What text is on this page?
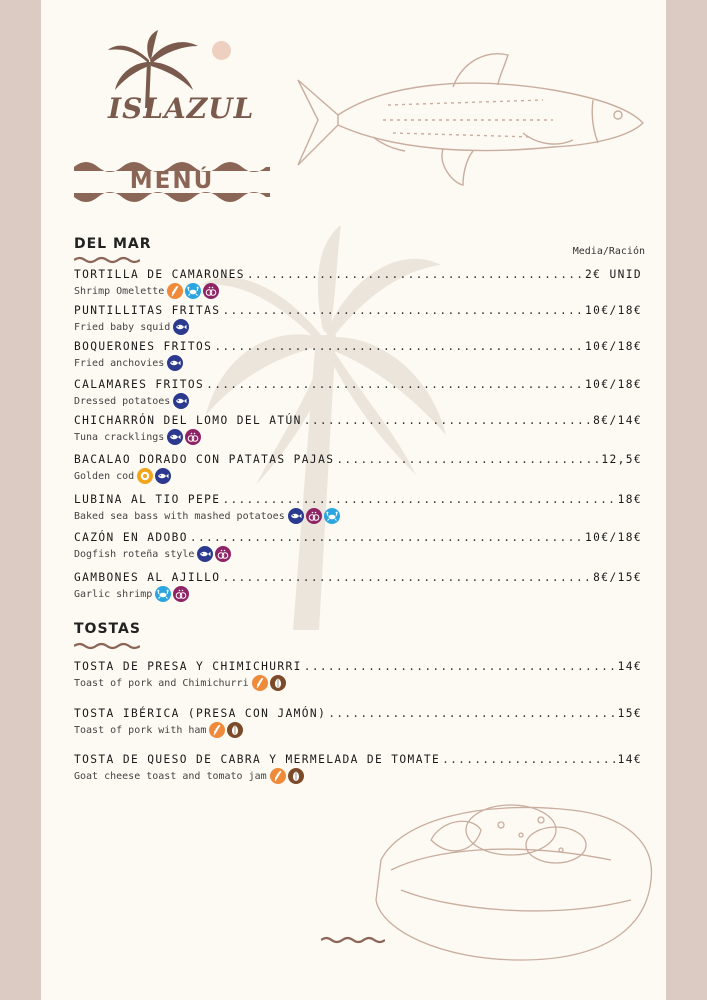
ISLAZUL
MENÚ
DEL MAR	Media/Ración
TORTILLA DE CAMARONES .....	2€ UNID
Shrimp Omelette
PUNTILLITAS FRITAS .....	10€/18€
Fried baby squid
BOQUERONES FRITOS .....	10€/18€
Fried anchovies
CALAMARES FRITOS .....	10€/18€
Dressed potatoes
CHICHARRÓN DEL LOMO DEL ATÚN .....	8€/14€
Tuna cracklings
BACALAO DORADO CON PATATAS PAJAS .....	12,5€
Golden cod
LUBINA AL TIO PEPE .....	18€
Baked sea bass with mashed potatoes
CAZÓN EN ADOBO .....	10€/18€
Dogfish roteña style
GAMBONES AL AJILLO .....	8€/15€
Garlic shrimp
TOSTAS
TOSTA DE PRESA Y CHIMICHURRI .....	14€
Toast of pork and Chimichurri
TOSTA IBÉRICA (PRESA CON JAMÓN) .....	15€
Toast of pork with ham
TOSTA DE QUESO DE CABRA Y MERMELADA DE TOMATE .....	14€
Goat cheese toast and tomato jam
